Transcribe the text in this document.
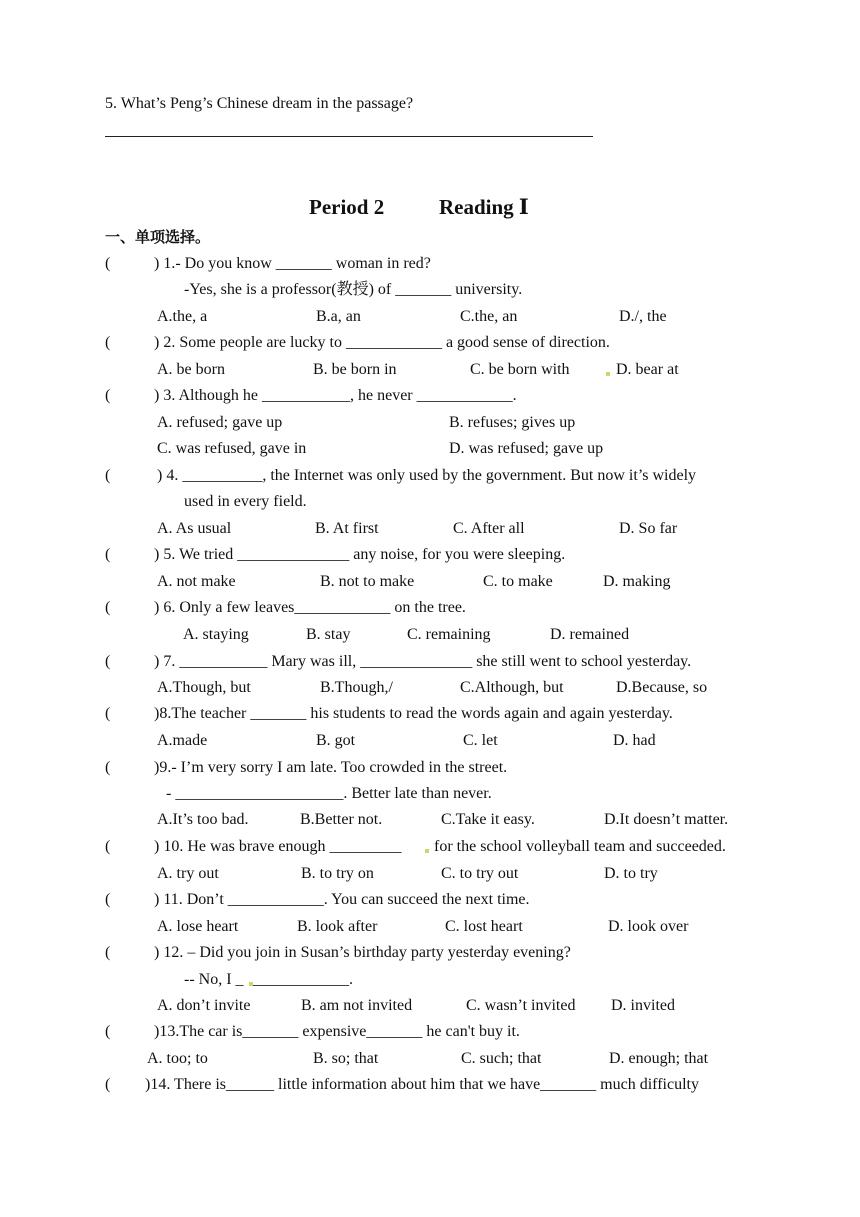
5. What’s Peng’s Chinese dream in the passage?
Period 2	Reading Ⅰ
一、单项选择。
(	) 1.- Do you know _______ woman in red?
-Yes, she is a professor(教授) of _______ university.
A.the, a	B.a, an	C.the, an	D./, the
(	) 2. Some people are lucky to ____________ a good sense of direction.
A. be born	B. be born in	C. be born with	D. bear at
(	) 3. Although he ___________, he never ____________.
A. refused; gave up	B. refuses; gives up
C. was refused, gave in	D. was refused; gave up
(	) 4. __________, the Internet was only used by the government. But now it’s widely
used in every field.
A. As usual	B. At first	C. After all	D. So far
(	) 5. We tried ______________ any noise, for you were sleeping.
A. not make	B. not to make	C. to make	D. making
(	) 6. Only a few leaves____________ on the tree.
A. staying	B. stay	C. remaining	D. remained
(	) 7. ___________ Mary was ill, ______________ she still went to school yesterday.
A.Though, but	B.Though,/	C.Although, but	D.Because, so
(	)8.The teacher _______ his students to read the words again and again yesterday.
A.made	B. got	C. let	D. had
(	)9.- I’m very sorry I am late. Too crowded in the street.
- _____________________. Better late than never.
A.It’s too bad.	B.Better not.	C.Take it easy.	D.It doesn’t matter.
(	) 10. He was brave enough _________ for the school volleyball team and succeeded.
A. try out	B. to try on	C. to try out	D. to try
(	) 11. Don’t ____________. You can succeed the next time.
A. lose heart	B. look after	C. lost heart	D. look over
(	) 12. – Did you join in Susan’s birthday party yesterday evening?
-- No, I _ ____________.
A. don’t invite	B. am not invited	C. wasn’t invited D. invited
(	)13.The car is_______ expensive_______ he can't buy it.
A. too; to	B. so; that	C. such; that	D. enough; that
( )14. There is______ little information about him that we have_______ much difficulty
